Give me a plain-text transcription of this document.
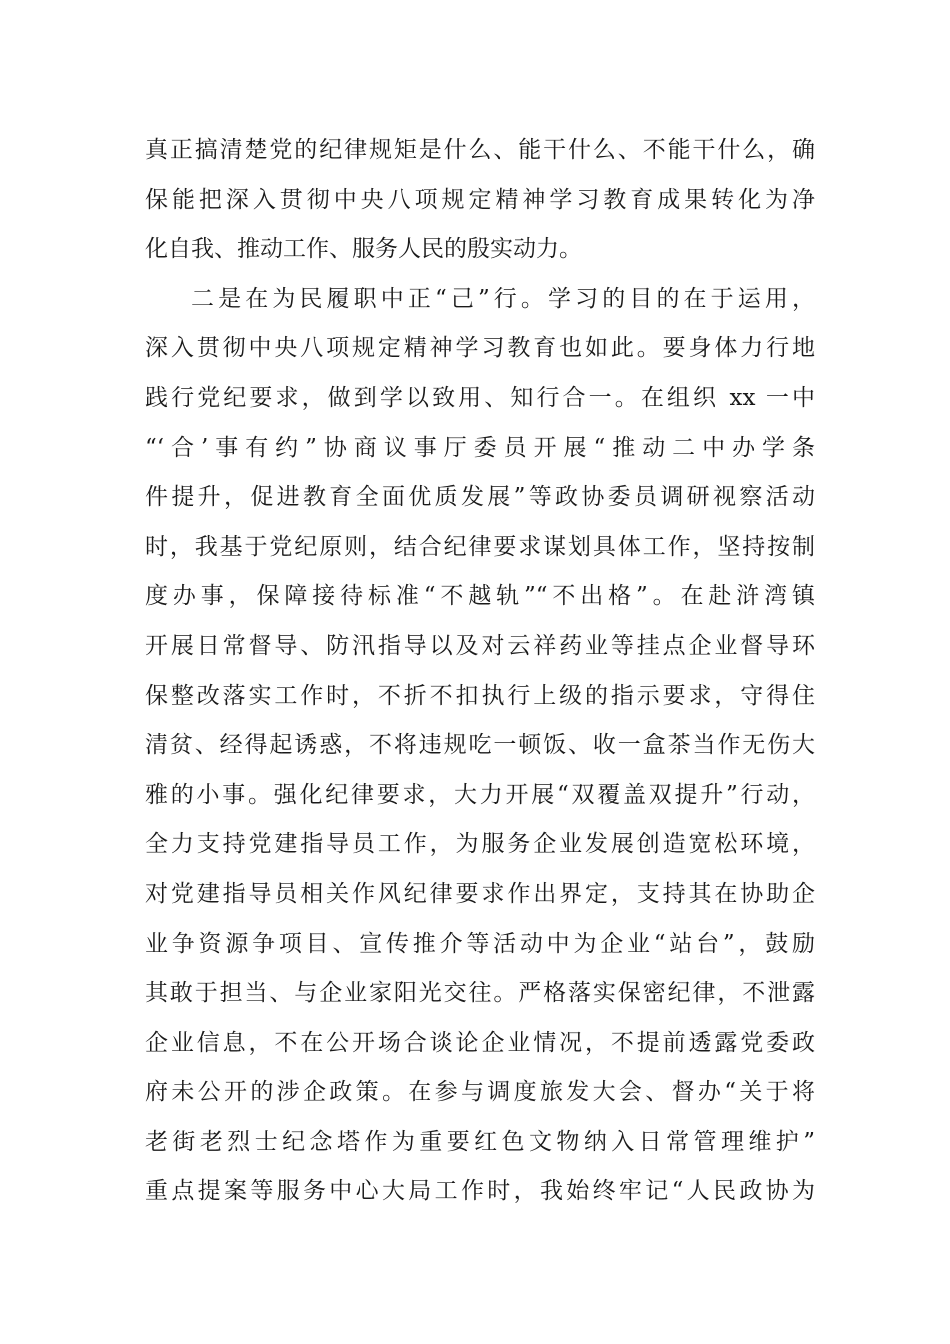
真正搞清楚党的纪律规矩是什么、能干什么、不能干什么，确
保能把深入贯彻中央八项规定精神学习教育成果转化为净
化自我、推动工作、服务人民的殷实动力。
二是在为民履职中正“己”行。学习的目的在于运用，
深入贯彻中央八项规定精神学习教育也如此。要身体力行地
践行党纪要求，做到学以致用、知行合一。在组织 xx 一中
“‘合’事有约”协商议事厅委员开展“推动二中办学条
件提升，促进教育全面优质发展”等政协委员调研视察活动
时，我基于党纪原则，结合纪律要求谋划具体工作，坚持按制
度办事，保障接待标准“不越轨”“不出格”。在赴浒湾镇
开展日常督导、防汛指导以及对云祥药业等挂点企业督导环
保整改落实工作时，不折不扣执行上级的指示要求，守得住
清贫、经得起诱惑，不将违规吃一顿饭、收一盒茶当作无伤大
雅的小事。强化纪律要求，大力开展“双覆盖双提升”行动，
全力支持党建指导员工作，为服务企业发展创造宽松环境，
对党建指导员相关作风纪律要求作出界定，支持其在协助企
业争资源争项目、宣传推介等活动中为企业“站台”，鼓励
其敢于担当、与企业家阳光交往。严格落实保密纪律，不泄露
企业信息，不在公开场合谈论企业情况，不提前透露党委政
府未公开的涉企政策。在参与调度旅发大会、督办“关于将
老街老烈士纪念塔作为重要红色文物纳入日常管理维护”
重点提案等服务中心大局工作时，我始终牢记“人民政协为
